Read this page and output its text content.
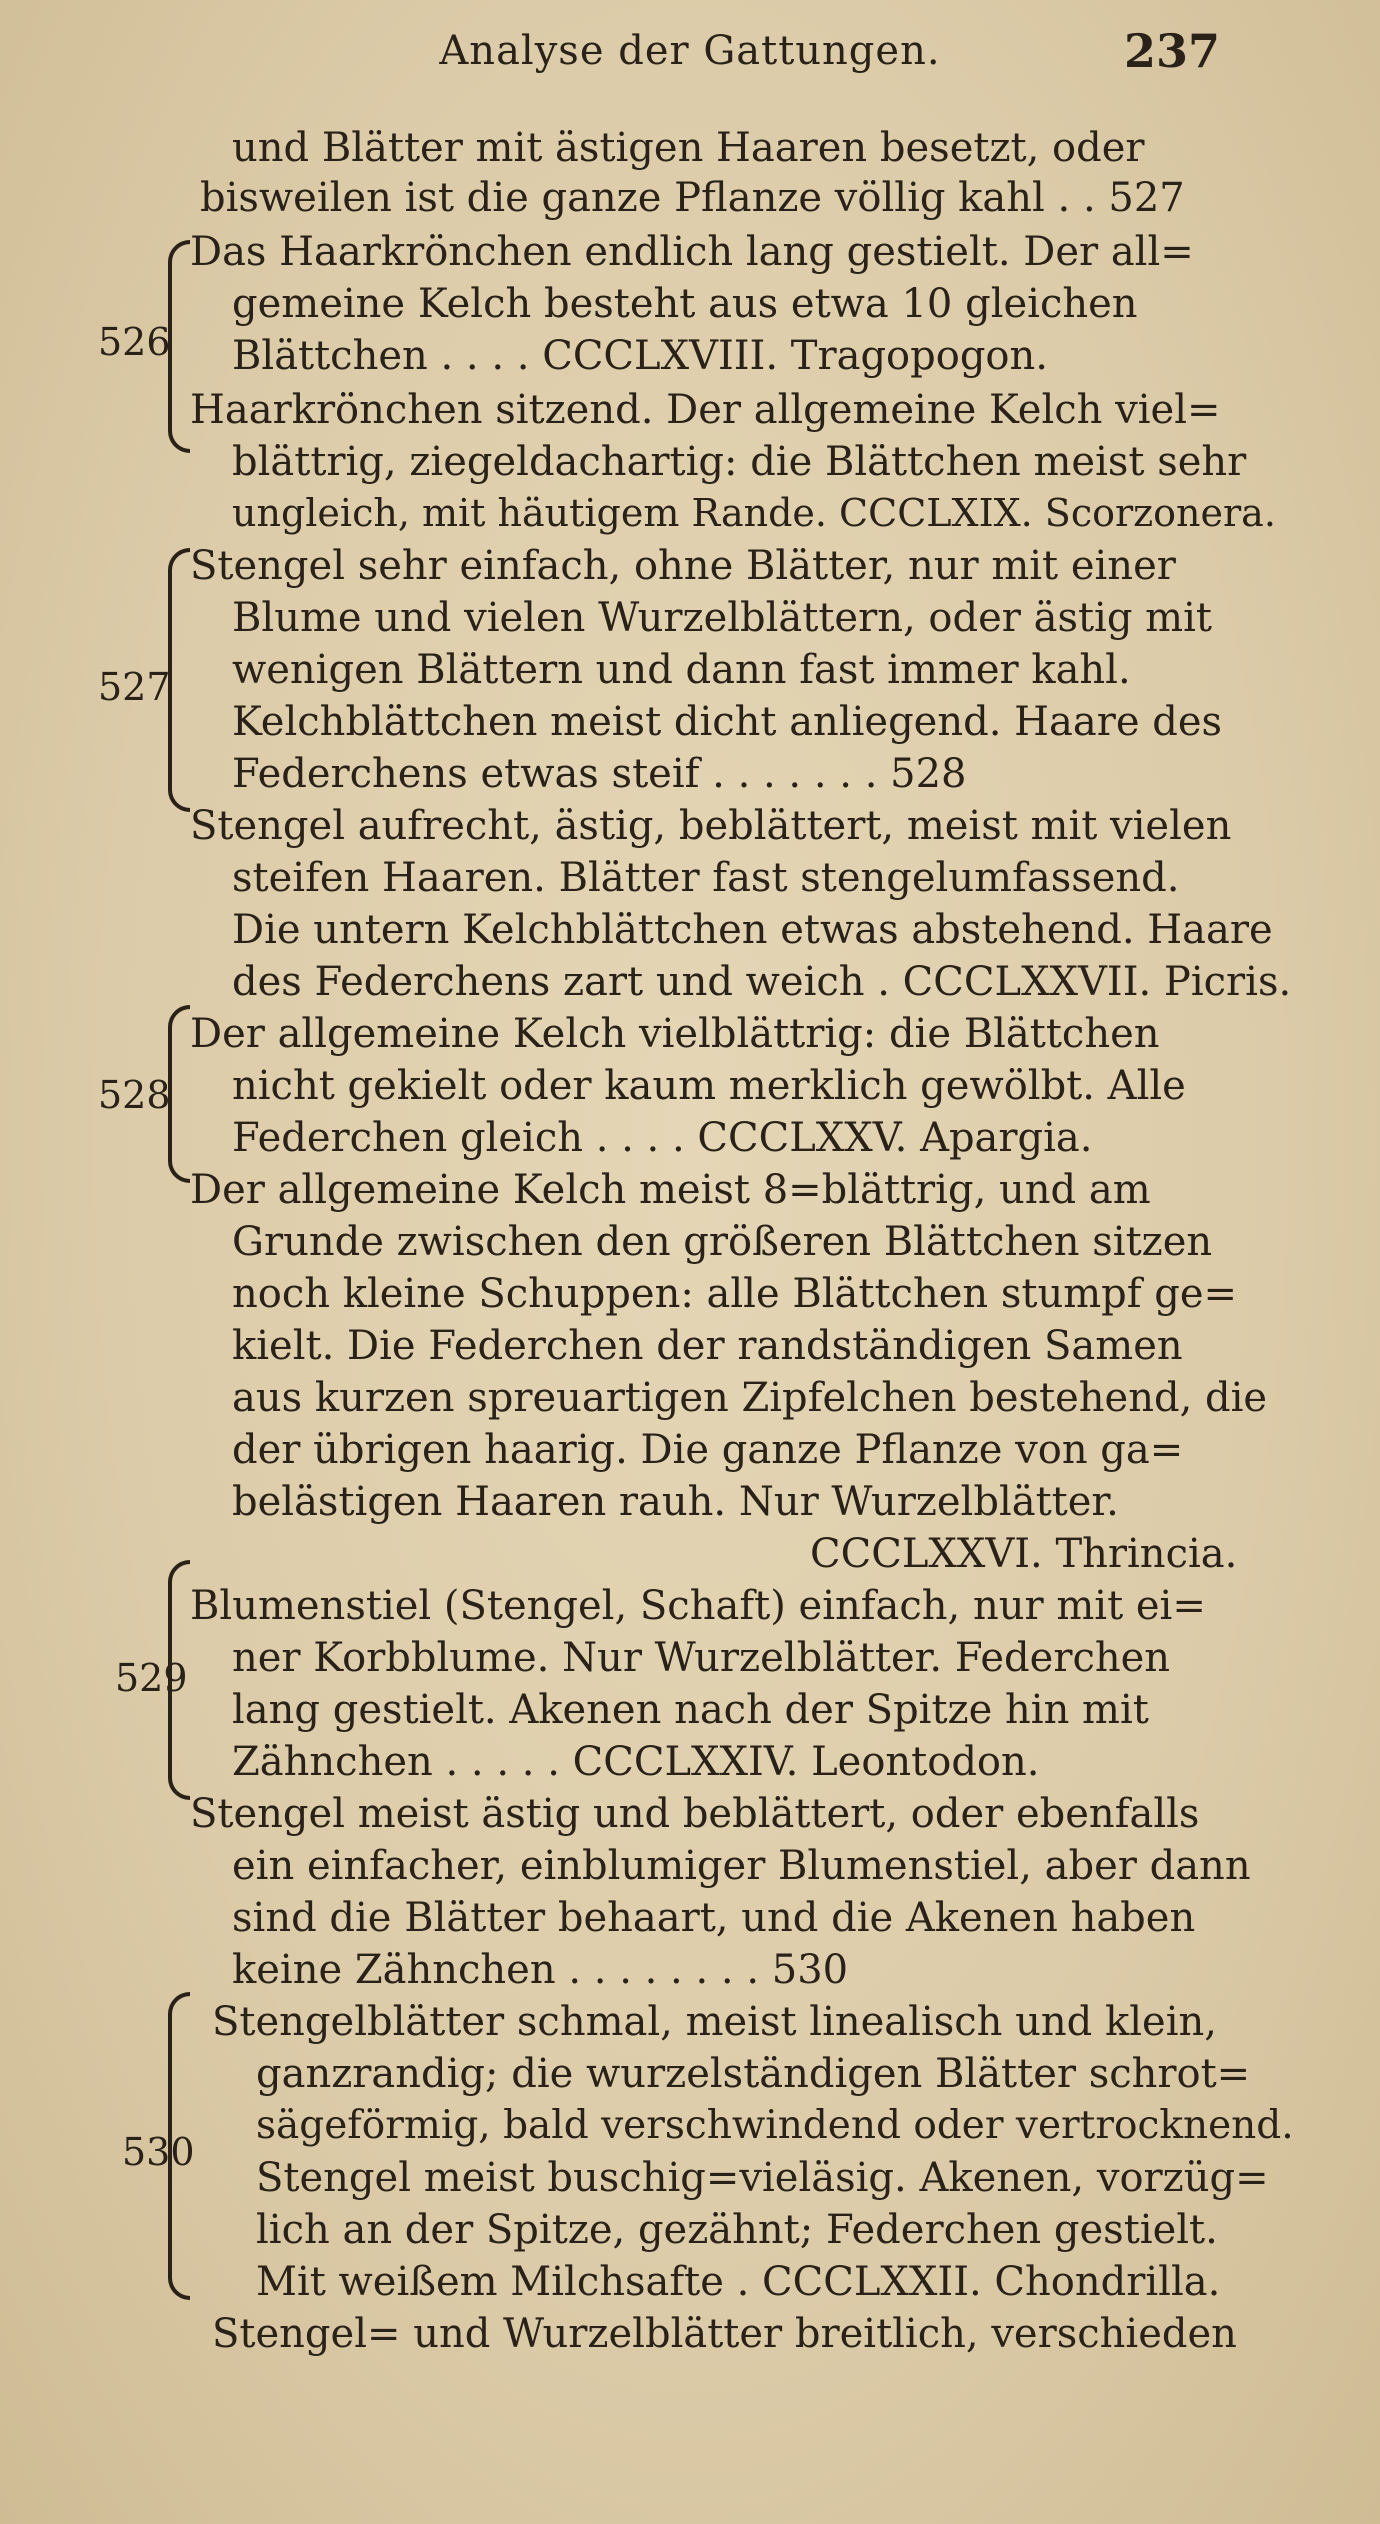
Analyse der Gattungen.	237
526
527
528
529
530
und Blätter mit ästigen Haaren besetzt, oder
bisweilen ist die ganze Pflanze völlig kahl . . 527
Das Haarkrönchen endlich lang gestielt. Der all=
gemeine Kelch besteht aus etwa 10 gleichen
Blättchen . . . . CCCLXVIII. Tragopogon.
Haarkrönchen sitzend. Der allgemeine Kelch viel=
blättrig, ziegeldachartig: die Blättchen meist sehr
ungleich, mit häutigem Rande. CCCLXIX. Scorzonera.
Stengel sehr einfach, ohne Blätter, nur mit einer
Blume und vielen Wurzelblättern, oder ästig mit
wenigen Blättern und dann fast immer kahl.
Kelchblättchen meist dicht anliegend. Haare des
Federchens etwas steif . . . . . . . 528
Stengel aufrecht, ästig, beblättert, meist mit vielen
steifen Haaren. Blätter fast stengelumfassend.
Die untern Kelchblättchen etwas abstehend. Haare
des Federchens zart und weich . CCCLXXVII. Picris.
Der allgemeine Kelch vielblättrig: die Blättchen
nicht gekielt oder kaum merklich gewölbt. Alle
Federchen gleich . . . . CCCLXXV. Apargia.
Der allgemeine Kelch meist 8=blättrig, und am
Grunde zwischen den größeren Blättchen sitzen
noch kleine Schuppen: alle Blättchen stumpf ge=
kielt. Die Federchen der randständigen Samen
aus kurzen spreuartigen Zipfelchen bestehend, die
der übrigen haarig. Die ganze Pflanze von ga=
belästigen Haaren rauh. Nur Wurzelblätter.
CCCLXXVI. Thrincia.
Blumenstiel (Stengel, Schaft) einfach, nur mit ei=
ner Korbblume. Nur Wurzelblätter. Federchen
lang gestielt. Akenen nach der Spitze hin mit
Zähnchen . . . . . CCCLXXIV. Leontodon.
Stengel meist ästig und beblättert, oder ebenfalls
ein einfacher, einblumiger Blumenstiel, aber dann
sind die Blätter behaart, und die Akenen haben
keine Zähnchen . . . . . . . . 530
Stengelblätter schmal, meist linealisch und klein,
ganzrandig; die wurzelständigen Blätter schrot=
sägeförmig, bald verschwindend oder vertrocknend.
Stengel meist buschig=vieläsig. Akenen, vorzüg=
lich an der Spitze, gezähnt; Federchen gestielt.
Mit weißem Milchsafte . CCCLXXII. Chondrilla.
Stengel= und Wurzelblätter breitlich, verschieden
